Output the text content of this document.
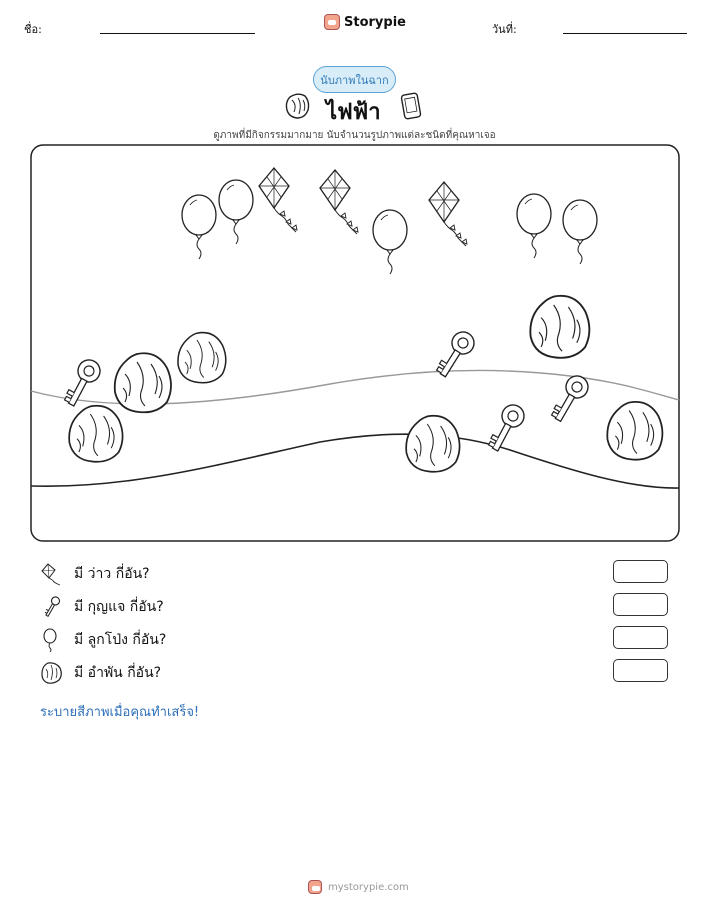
ชื่อ:	Storypie	วันที่:
นับภาพในฉาก
ไฟฟ้า
ดูภาพที่มีกิจกรรมมากมาย นับจำนวนรูปภาพแต่ละชนิดที่คุณหาเจอ
มี ว่าว กี่อัน?
มี กุญแจ กี่อัน?
มี ลูกโป่ง กี่อัน?
มี อำพัน กี่อัน?
ระบายสีภาพเมื่อคุณทำเสร็จ!
mystorypie.com
